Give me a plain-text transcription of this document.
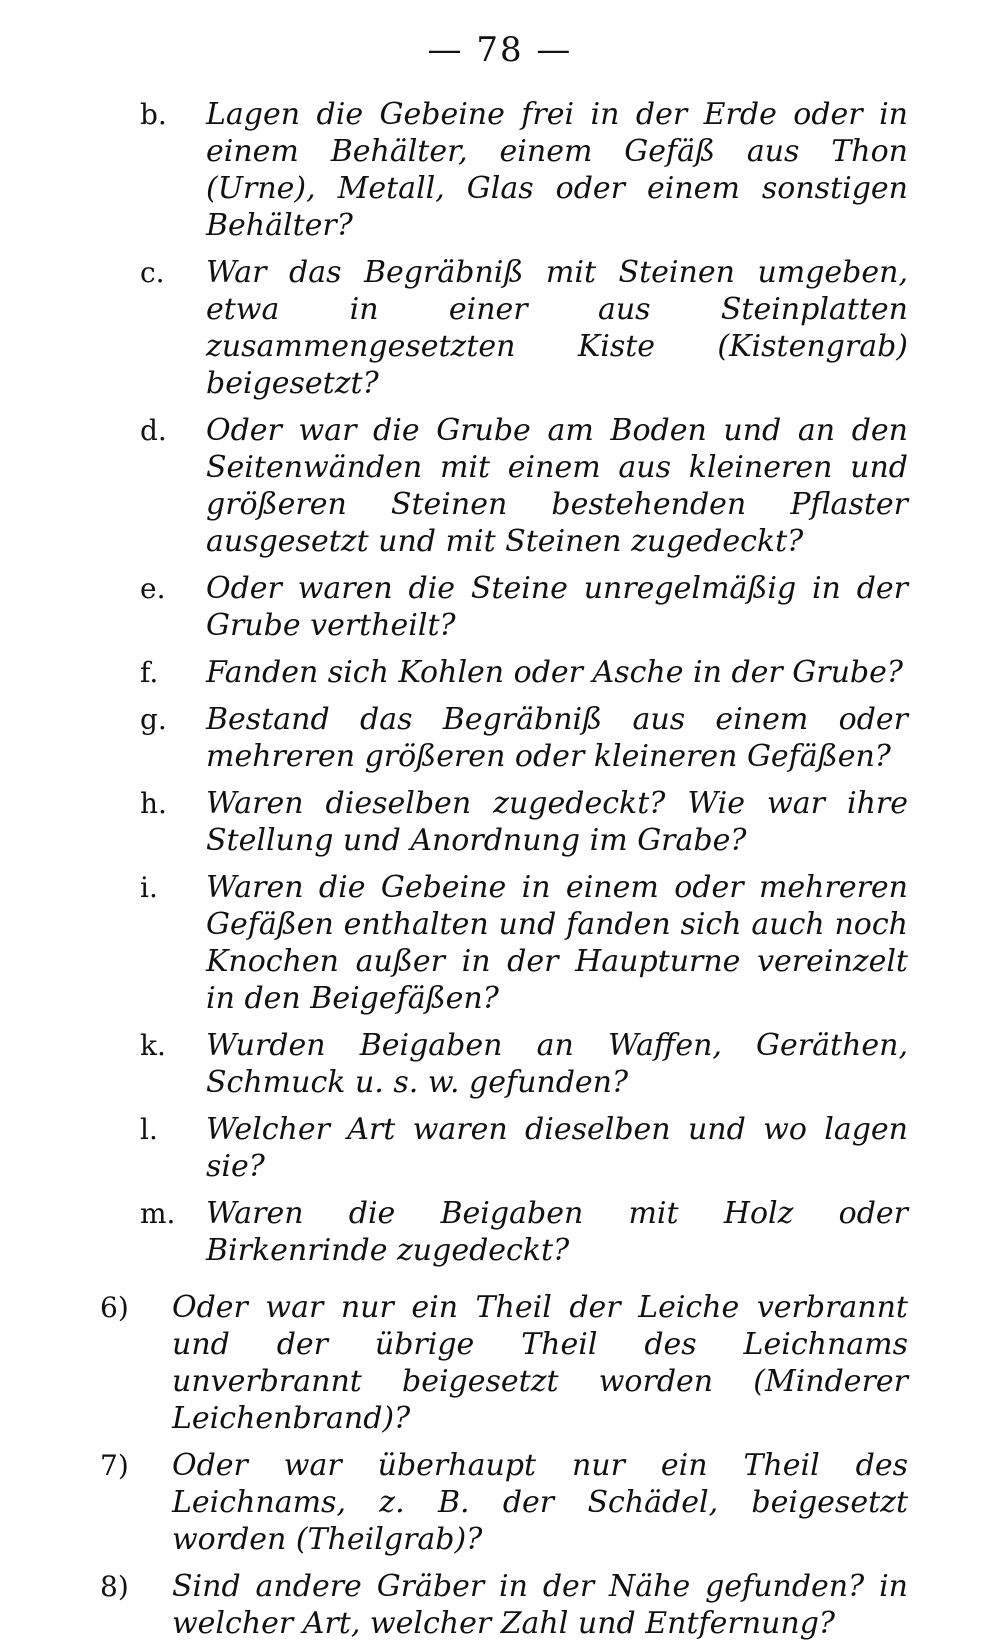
— 78 —
b.	Lagen die Gebeine frei in der Erde oder in einem Behälter, einem Gefäß aus Thon (Urne), Metall, Glas oder einem sonstigen Behälter?
c.	War das Begräbniß mit Steinen umgeben, etwa in einer aus Steinplatten zusammengesetzten Kiste (Kistengrab) beigesetzt?
d.	Oder war die Grube am Boden und an den Seitenwänden mit einem aus kleineren und größeren Steinen bestehenden Pflaster ausgesetzt und mit Steinen zugedeckt?
e.	Oder waren die Steine unregelmäßig in der Grube vertheilt?
f.	Fanden sich Kohlen oder Asche in der Grube?
g.	Bestand das Begräbniß aus einem oder mehreren größeren oder kleineren Gefäßen?
h.	Waren dieselben zugedeckt? Wie war ihre Stellung und Anordnung im Grabe?
i.	Waren die Gebeine in einem oder mehreren Gefäßen enthalten und fanden sich auch noch Knochen außer in der Haupturne vereinzelt in den Beigefäßen?
k.	Wurden Beigaben an Waffen, Geräthen, Schmuck u. s. w. gefunden?
l.	Welcher Art waren dieselben und wo lagen sie?
m.	Waren die Beigaben mit Holz oder Birkenrinde zugedeckt?
6)	Oder war nur ein Theil der Leiche verbrannt und der übrige Theil des Leichnams unverbrannt beigesetzt worden (Minderer Leichenbrand)?
7)	Oder war überhaupt nur ein Theil des Leichnams, z. B. der Schädel, beigesetzt worden (Theilgrab)?
8)	Sind andere Gräber in der Nähe gefunden? in welcher Art, welcher Zahl und Entfernung?
